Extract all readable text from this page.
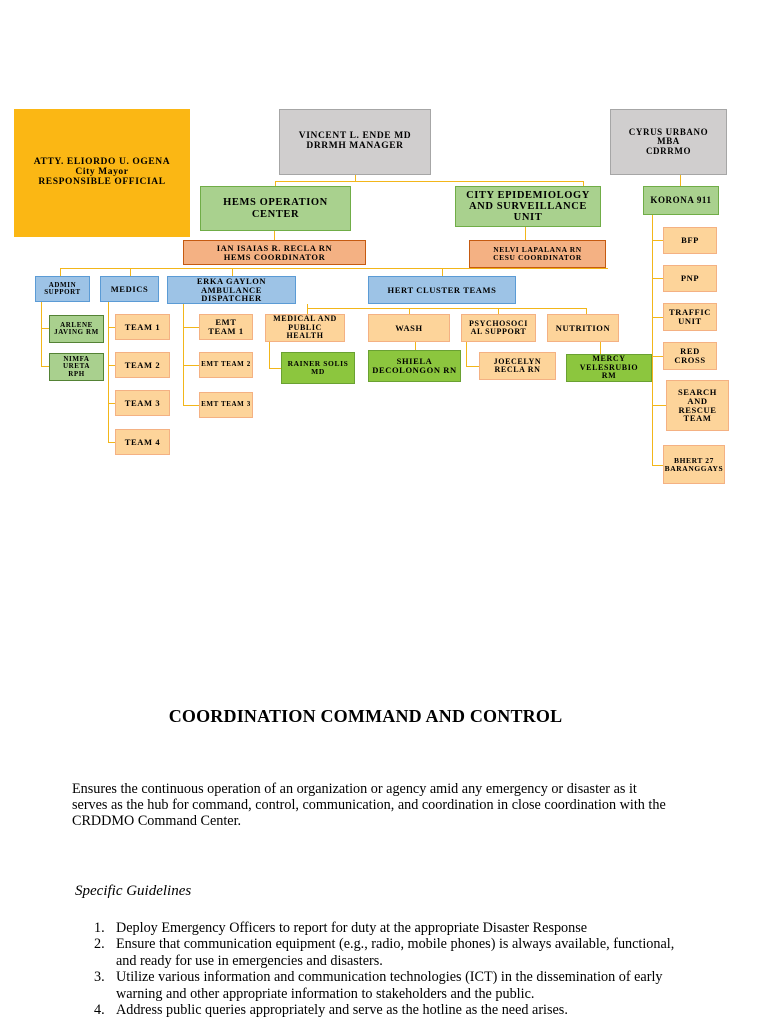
ATTY. ELIORDO U. OGENA
City Mayor
RESPONSIBLE OFFICIAL
VINCENT L. ENDE MD
DRRMH MANAGER
CYRUS URBANO
MBA
CDRRMO
HEMS OPERATION
CENTER
CITY EPIDEMIOLOGY
AND SURVEILLANCE
UNIT
KORONA 911
IAN ISAIAS R. RECLA RN
HEMS COORDINATOR
NELVI LAPALANA RN
CESU COORDINATOR
ADMIN
SUPPORT	MEDICS
ERKA GAYLON
AMBULANCE
DISPATCHER
HERT CLUSTER TEAMS
ARLENE
JAVING RM
NIMFA URETA
RPH
TEAM 1
TEAM 2
TEAM 3
TEAM 4
EMT
TEAM 1
EMT TEAM 2
EMT TEAM 3
MEDICAL AND
PUBLIC
HEALTH
WASH	PSYCHOSOCI
AL SUPPORT	NUTRITION
RAINER SOLIS MD
SHIELA
DECOLONGON RN
JOECELYN
RECLA RN
MERCY
VELESRUBIO
RM
BFP
PNP
TRAFFIC
UNIT
RED
CROSS
SEARCH
AND
RESCUE
TEAM
BHERT 27
BARANGGAYS
COORDINATION COMMAND AND CONTROL
Ensures the continuous operation of an organization or agency amid any emergency or disaster as it serves as the hub for command, control, communication, and coordination in close coordination with the CRDDMO Command Center.
Specific Guidelines
1. Deploy Emergency Officers to report for duty at the appropriate Disaster Response
2. Ensure that communication equipment (e.g., radio, mobile phones) is always available, functional, and ready for use in emergencies and disasters.
3. Utilize various information and communication technologies (ICT) in the dissemination of early warning and other appropriate information to stakeholders and the public.
4. Address public queries appropriately and serve as the hotline as the need arises.
